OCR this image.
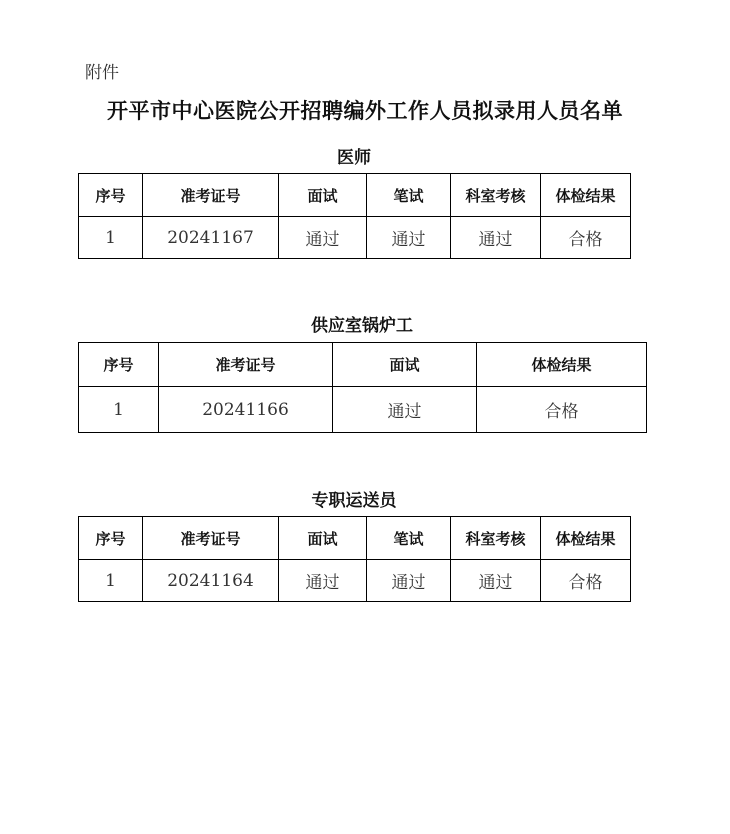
附件
开平市中心医院公开招聘编外工作人员拟录用人员名单
医师
序号	准考证号	面试	笔试	科室考核	体检结果
1	20241167	通过	通过	通过	合格
供应室锅炉工
序号	准考证号	面试	体检结果
1	20241166	通过	合格
专职运送员
序号	准考证号	面试	笔试	科室考核	体检结果
1	20241164	通过	通过	通过	合格
